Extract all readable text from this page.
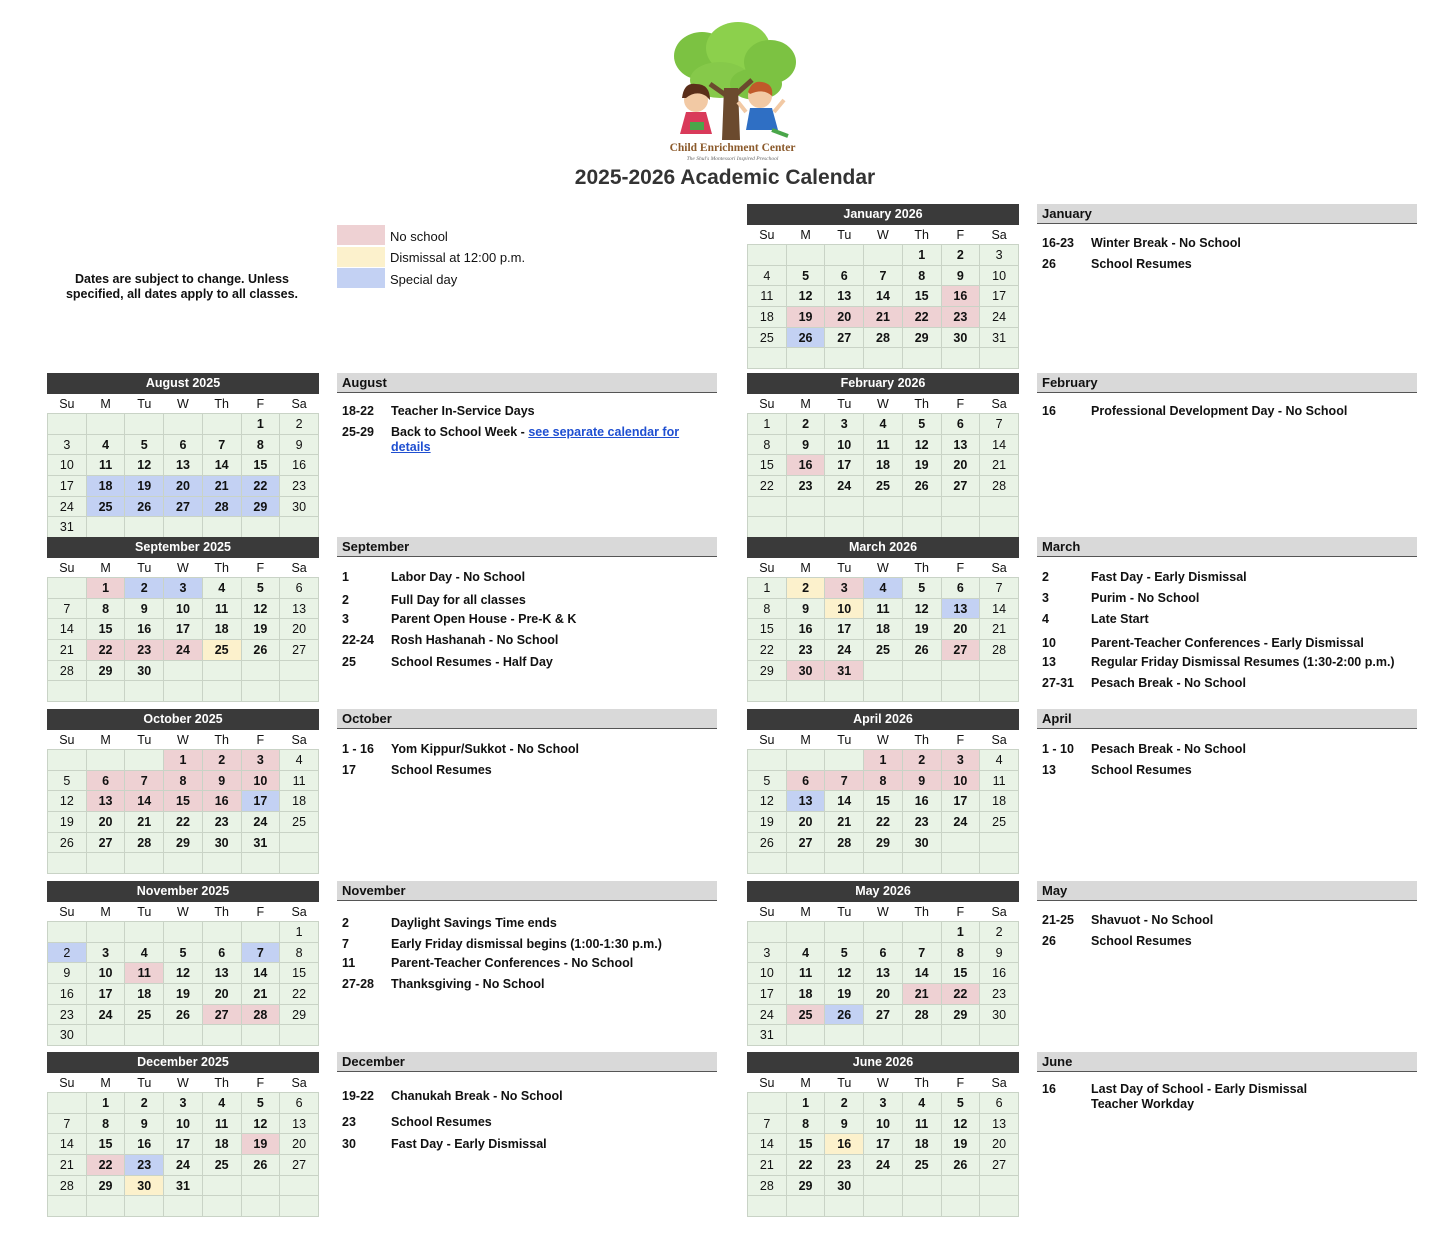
Child Enrichment Center
The Shul's Montessori Inspired Preschool
2025-2026 Academic Calendar
Dates are subject to change. Unless specified, all dates apply to all classes.
No school
Dismissal at 12:00 p.m.
Special day
January 2026
Su	M	Tu	W	Th	F	Sa
				1	2	3
4	5	6	7	8	9	10
11	12	13	14	15	16	17
18	19	20	21	22	23	24
25	26	27	28	29	30	31

August 2025
Su	M	Tu	W	Th	F	Sa
					1	2
3	4	5	6	7	8	9
10	11	12	13	14	15	16
17	18	19	20	21	22	23
24	25	26	27	28	29	30
31						
February 2026
Su	M	Tu	W	Th	F	Sa
1	2	3	4	5	6	7
8	9	10	11	12	13	14
15	16	17	18	19	20	21
22	23	24	25	26	27	28

September 2025
Su	M	Tu	W	Th	F	Sa
	1	2	3	4	5	6
7	8	9	10	11	12	13
14	15	16	17	18	19	20
21	22	23	24	25	26	27
28	29	30				

March 2026
Su	M	Tu	W	Th	F	Sa
1	2	3	4	5	6	7
8	9	10	11	12	13	14
15	16	17	18	19	20	21
22	23	24	25	26	27	28
29	30	31				

October 2025
Su	M	Tu	W	Th	F	Sa
			1	2	3	4
5	6	7	8	9	10	11
12	13	14	15	16	17	18
19	20	21	22	23	24	25
26	27	28	29	30	31	

April 2026
Su	M	Tu	W	Th	F	Sa
			1	2	3	4
5	6	7	8	9	10	11
12	13	14	15	16	17	18
19	20	21	22	23	24	25
26	27	28	29	30		

November 2025
Su	M	Tu	W	Th	F	Sa
						1
2	3	4	5	6	7	8
9	10	11	12	13	14	15
16	17	18	19	20	21	22
23	24	25	26	27	28	29
30						
May 2026
Su	M	Tu	W	Th	F	Sa
					1	2
3	4	5	6	7	8	9
10	11	12	13	14	15	16
17	18	19	20	21	22	23
24	25	26	27	28	29	30
31						
December 2025
Su	M	Tu	W	Th	F	Sa
	1	2	3	4	5	6
7	8	9	10	11	12	13
14	15	16	17	18	19	20
21	22	23	24	25	26	27
28	29	30	31			

June 2026
Su	M	Tu	W	Th	F	Sa
	1	2	3	4	5	6
7	8	9	10	11	12	13
14	15	16	17	18	19	20
21	22	23	24	25	26	27
28	29	30				

January
16-23	Winter Break - No School
26	School Resumes
August
18-22	Teacher In-Service Days
25-29	Back to School Week - see separate calendar for details
February
16	Professional Development Day - No School
September
1	Labor Day - No School
2	Full Day for all classes
3	Parent Open House - Pre-K & K
22-24	Rosh Hashanah - No School
25	School Resumes - Half Day
March
2	Fast Day - Early Dismissal
3	Purim - No School
4	Late Start
10	Parent-Teacher Conferences - Early Dismissal
13	Regular Friday Dismissal Resumes (1:30-2:00 p.m.)
27-31	Pesach Break - No School
October
1 - 16	Yom Kippur/Sukkot - No School
17	School Resumes
April
1 - 10	Pesach Break - No School
13	School Resumes
November
2	Daylight Savings Time ends
7	Early Friday dismissal begins (1:00-1:30 p.m.)
11	Parent-Teacher Conferences - No School
27-28	Thanksgiving - No School
May
21-25	Shavuot - No School
26	School Resumes
December
19-22	Chanukah Break - No School
23	School Resumes
30	Fast Day - Early Dismissal
June
16	Last Day of School - Early Dismissal
Teacher Workday
